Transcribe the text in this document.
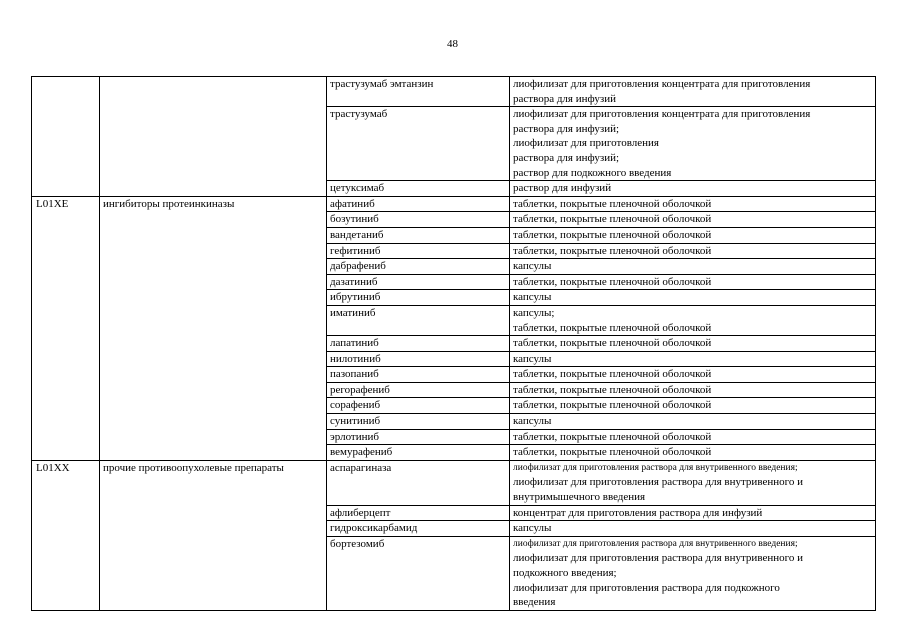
48
		трастузумаб эмтанзин	лиофилизат для приготовления концентрата для приготовления
раствора для инфузий

		трастузумаб	лиофилизат для приготовления концентрата для приготовления
раствора для инфузий;
лиофилизат для приготовления
раствора для инфузий;
раствор для подкожного введения

		цетуксимаб	раствор для инфузий

L01XE	ингибиторы протеинкиназы	афатиниб	таблетки, покрытые пленочной оболочкой

		бозутиниб	таблетки, покрытые пленочной оболочкой

		вандетаниб	таблетки, покрытые пленочной оболочкой

		гефитиниб	таблетки, покрытые пленочной оболочкой

		дабрафениб	капсулы

		дазатиниб	таблетки, покрытые пленочной оболочкой

		ибрутиниб	капсулы

		иматиниб	капсулы;
таблетки, покрытые пленочной оболочкой

		лапатиниб	таблетки, покрытые пленочной оболочкой

		нилотиниб	капсулы

		пазопаниб	таблетки, покрытые пленочной оболочкой

		регорафениб	таблетки, покрытые пленочной оболочкой

		сорафениб	таблетки, покрытые пленочной оболочкой

		сунитиниб	капсулы

		эрлотиниб	таблетки, покрытые пленочной оболочкой

		вемурафениб	таблетки, покрытые пленочной оболочкой

L01XX	прочие противоопухолевые препараты	аспарагиназа	лиофилизат для приготовления раствора для внутривенного введения;
лиофилизат для приготовления раствора для внутривенного и
внутримышечного введения

		афлиберцепт	концентрат для приготовления раствора для инфузий

		гидроксикарбамид	капсулы

		бортезомиб	лиофилизат для приготовления раствора для внутривенного введения;
лиофилизат для приготовления раствора для внутривенного и
подкожного введения;
лиофилизат для приготовления раствора для подкожного
введения
